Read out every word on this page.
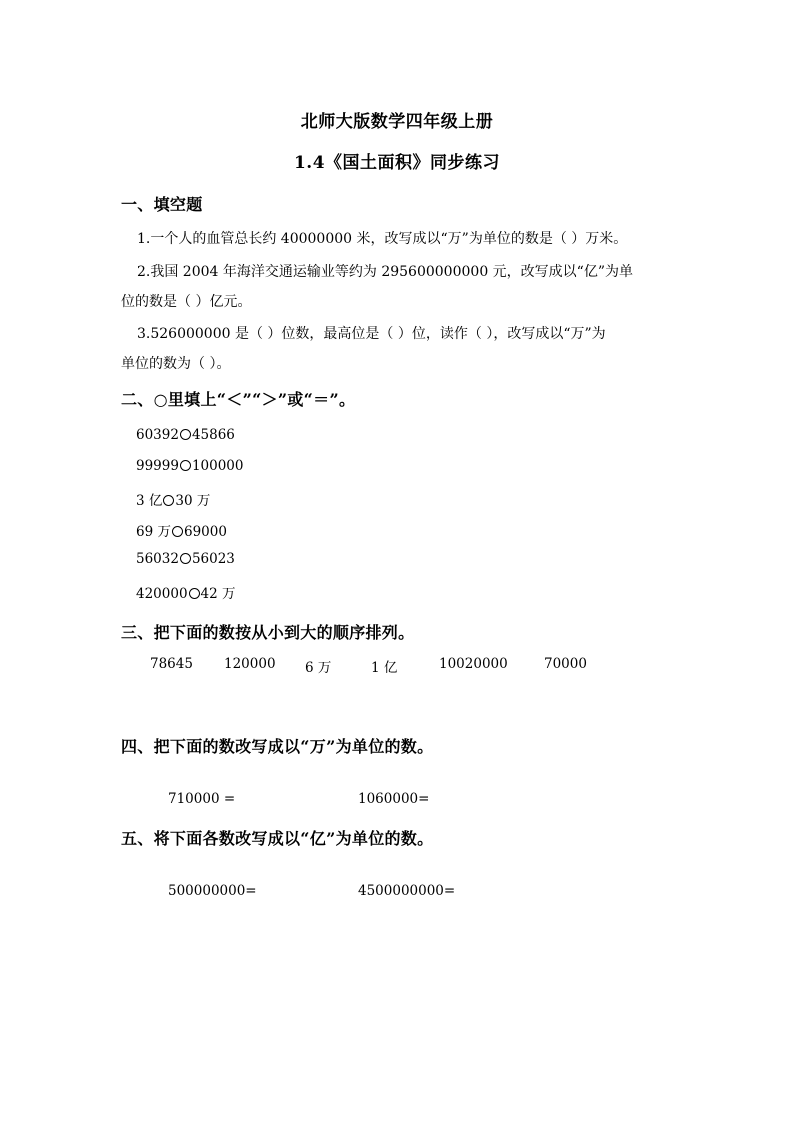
北师大版数学四年级上册
1.4《国土面积》同步练习
一、填空题
1.一个人的血管总长约 40000000 米，改写成以“万”为单位的数是（ ）万米。
2.我国 2004 年海洋交通运输业等约为 295600000000 元，改写成以“亿”为单
位的数是（ ）亿元。
3.526000000 是（ ）位数，最高位是（ ）位，读作（ ），改写成以“万”为
单位的数为（ ）。
二、○里填上“＜”“＞”或“＝”。
60392 45866
99999 100000
3 亿 30 万
69 万 69000
56032 56023
420000 42 万
三、把下面的数按从小到大的顺序排列。
78645 120000 6 万	1 亿	10020000	70000
四、把下面的数改写成以“万”为单位的数。
710000 =	1060000=
五、将下面各数改写成以“亿”为单位的数。
500000000=	4500000000=
